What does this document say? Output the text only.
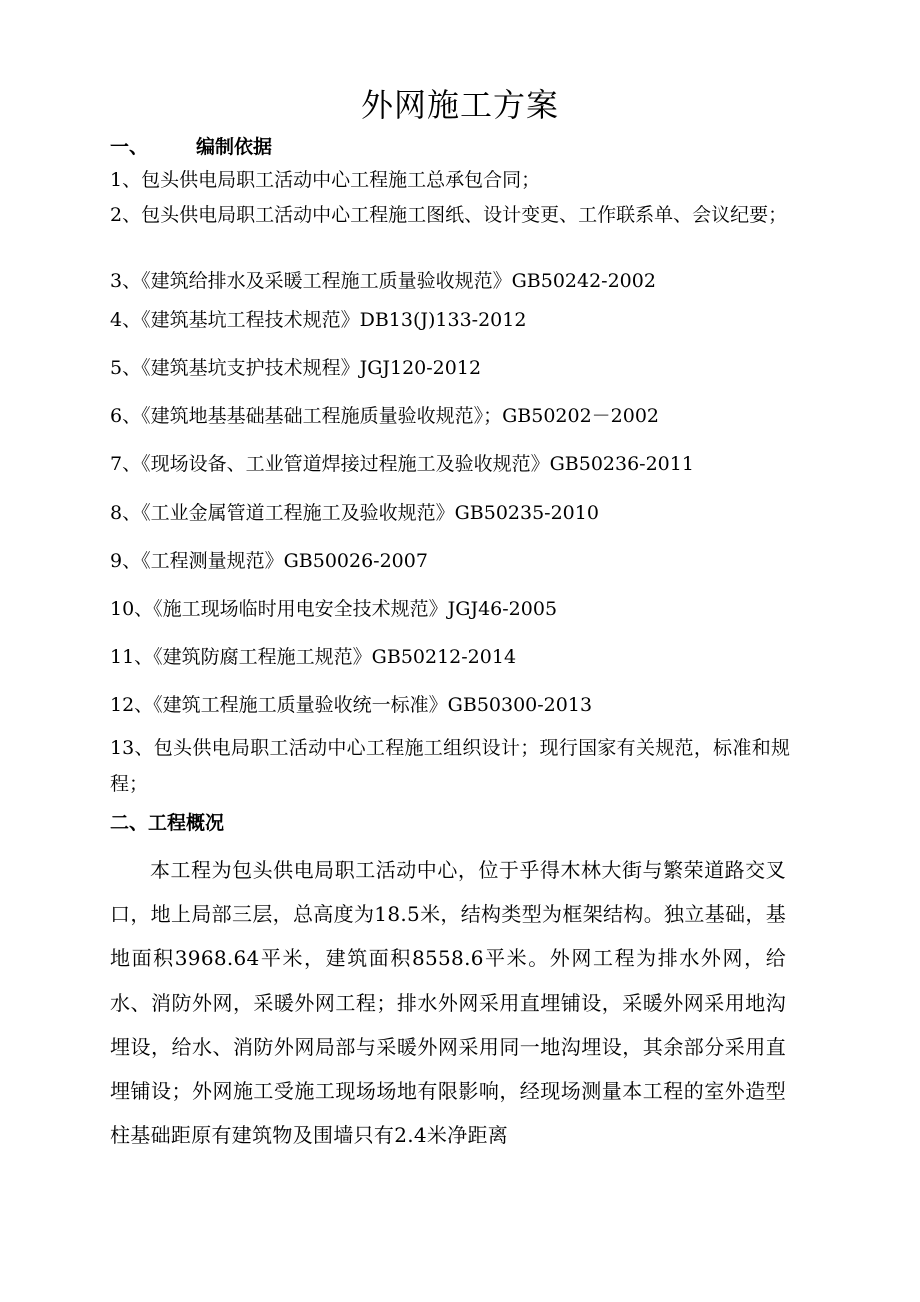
外网施工方案
一、	编制依据
1、包头供电局职工活动中心工程施工总承包合同；
2、包头供电局职工活动中心工程施工图纸、设计变更、工作联系单、会议纪要；
3、《建筑给排水及采暖工程施工质量验收规范》GB50242-2002
4、《建筑基坑工程技术规范》DB13(J)133-2012
5、《建筑基坑支护技术规程》JGJ120-2012
6、《建筑地基基础基础工程施质量验收规范》；GB50202－2002
7、《现场设备、工业管道焊接过程施工及验收规范》GB50236-2011
8、《工业金属管道工程施工及验收规范》GB50235-2010
9、《工程测量规范》GB50026-2007
10、《施工现场临时用电安全技术规范》JGJ46-2005
11、《建筑防腐工程施工规范》GB50212-2014
12、《建筑工程施工质量验收统一标准》GB50300-2013
13、包头供电局职工活动中心工程施工组织设计；现行国家有关规范，标准和规程；
二、工程概况
本工程为包头供电局职工活动中心，位于乎得木林大街与繁荣道路交叉口，地上局部三层，总高度为18.5米，结构类型为框架结构。独立基础，基地面积3968.64平米，建筑面积8558.6平米。外网工程为排水外网，给水、消防外网，采暖外网工程；排水外网采用直埋铺设，采暖外网采用地沟埋设，给水、消防外网局部与采暖外网采用同一地沟埋设，其余部分采用直埋铺设；外网施工受施工现场场地有限影响，经现场测量本工程的室外造型柱基础距原有建筑物及围墙只有2.4米净距离
